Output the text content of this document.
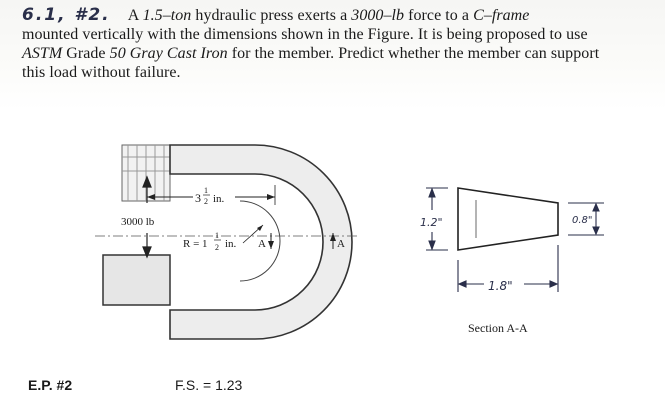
6.1, #2. A 1.5–ton hydraulic press exerts a 3000–lb force to a C–frame
mounted vertically with the dimensions shown in the Figure. It is being proposed to use
ASTM Grade 50 Gray Cast Iron for the member. Predict whether the member can support
this load without failure.
3000 lb
3
1
2 in.
R = 1
1
2 in. A	A
1.2"	0.8"
1.8"
Section A-A
E.P. #2	F.S. = 1.23
